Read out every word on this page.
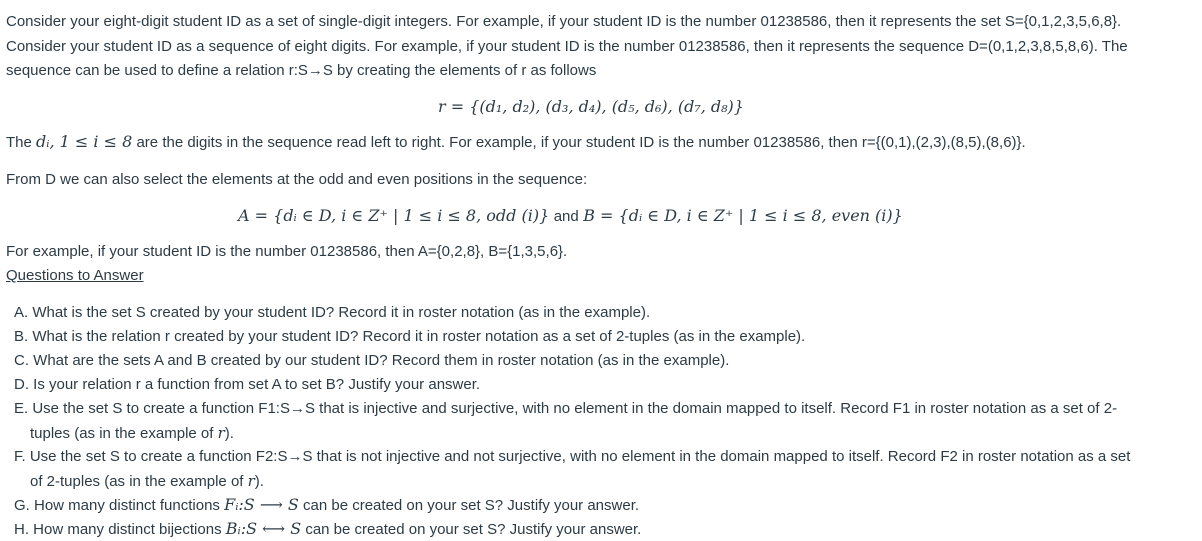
Consider your eight-digit student ID as a set of single-digit integers. For example, if your student ID is the number 01238586, then it represents the set S={0,1,2,3,5,6,8}.
Consider your student ID as a sequence of eight digits. For example, if your student ID is the number 01238586, then it represents the sequence D=(0,1,2,3,8,5,8,6). The
sequence can be used to define a relation r:S→S by creating the elements of r as follows
r = {(d₁, d₂), (d₃, d₄), (d₅, d₆), (d₇, d₈)}
The dᵢ, 1 ≤ i ≤ 8 are the digits in the sequence read left to right. For example, if your student ID is the number 01238586, then r={(0,1),(2,3),(8,5),(8,6)}.
From D we can also select the elements at the odd and even positions in the sequence:
A = {dᵢ ∈ D, i ∈ Z⁺ | 1 ≤ i ≤ 8, odd (i)} and B = {dᵢ ∈ D, i ∈ Z⁺ | 1 ≤ i ≤ 8, even (i)}
For example, if your student ID is the number 01238586, then A={0,2,8}, B={1,3,5,6}.
Questions to Answer
A. What is the set S created by your student ID? Record it in roster notation (as in the example).
B. What is the relation r created by your student ID? Record it in roster notation as a set of 2-tuples (as in the example).
C. What are the sets A and B created by our student ID? Record them in roster notation (as in the example).
D. Is your relation r a function from set A to set B? Justify your answer.
E. Use the set S to create a function F1:S→S that is injective and surjective, with no element in the domain mapped to itself. Record F1 in roster notation as a set of 2-
tuples (as in the example of r).
F. Use the set S to create a function F2:S→S that is not injective and not surjective, with no element in the domain mapped to itself. Record F2 in roster notation as a set
of 2-tuples (as in the example of r).
G. How many distinct functions Fᵢ:S ⟶ S can be created on your set S? Justify your answer.
H. How many distinct bijections Bᵢ:S ⟷ S can be created on your set S? Justify your answer.
